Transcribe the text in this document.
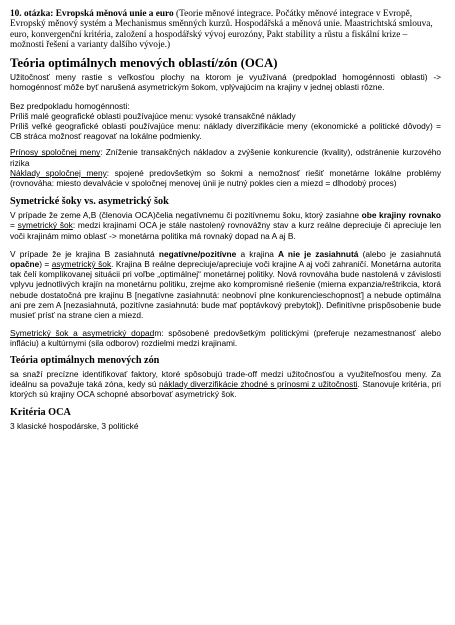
10. otázka: Evropská měnová unie a euro (Teorie měnové integrace. Počátky měnové integrace v Evropě, Evropský měnový systém a Mechanismus směnných kurzů. Hospodářská a měnová unie. Maastrichtská smlouva, euro, konvergenční kritéria, založení a hospodářský vývoj eurozóny, Pakt stability a růstu a fiskální krize – možnosti řešení a varianty dalšího vývoje.)

Teória optimálnych menových oblastí/zón (OCA)

Užitočnosť meny rastie s veľkosťou plochy na ktorom je využívaná (predpoklad homogénnosti oblasti) -> homogénnosť môže byť narušená asymetrickým šokom, vplývajúcim na krajiny v jednej oblasti rôzne.

Bez predpokladu homogénnosti:

Príliš malé geografické oblasti používajúce menu: vysoké transakčné náklady

Príliš veľké geografické oblasti používajúce menu: náklady diverzifikácie meny (ekonomické a politické dôvody) = CB stráca možnosť reagovať na lokálne podmienky.

Prínosy spoločnej meny: Zníženie transakčných nákladov a zvýšenie konkurencie (kvality), odstránenie kurzového rizika

Náklady spoločnej meny: spojené predovšetkým so šokmi a nemožnosť riešiť monetárne lokálne problémy (rovnováha: miesto devalvácie v spoločnej menovej únii je nutný pokles cien a miezd = dlhodobý proces)

Symetrické šoky vs. asymetrický šok

V prípade že zeme A,B (členovia OCA)čelia negatívnemu či pozitívnemu šoku, ktorý zasiahne obe krajiny rovnako = symetrický šok: medzi krajinami OCA je stále nastolený rovnovážny stav a kurz reálne depreciuje či apreciuje len voči krajinám mimo oblasť -> monetárna politika má rovnaký dopad na A aj B.

V prípade že je krajina B zasiahnutá negatívne/pozitívne a krajina A nie je zasiahnutá (alebo je zasiahnutá opačne) = asymetrický šok. Krajina B reálne depreciuje/apreciuje voči krajine A aj voči zahraničí. Monetárna autorita tak čelí komplikovanej situácii pri voľbe „optimálnej“ monetárnej politiky. Nová rovnováha bude nastolená v závislosti vplyvu jednotlivých krajín na monetárnu politiku, zrejme ako kompromisné riešenie (mierna expanzia/reštrikcia, ktorá nebude dostatočná pre krajinu B [negatívne zasiahnutá: neobnoví plne konkurencieschopnosť] a nebude optimálna ani pre zem A [nezasiahnutá, pozitívne zasiahnutá: bude mať poptávkový prebytok]). Definitívne prispôsobenie bude musieť prísť na strane cien a miezd.

Symetrický šok a asymetrický dopadm: spôsobené predovšetkým politickými (preferuje nezamestnanosť alebo infláciu) a kultúrnymi (sila odborov) rozdielmi medzi krajinami.

Teória optimálnych menových zón

sa snaží precízne identifikovať faktory, ktoré spôsobujú trade-off medzi užitočnosťou a využiteľnosťou meny. Za ideálnu sa považuje taká zóna, kedy sú náklady diverzifikácie zhodné s prínosmi z užitočnosti. Stanovuje kritéria, pri ktorých sú krajiny OCA schopné absorbovať asymetrický šok.

Kritéria OCA

3 klasické hospodárske, 3 politické
